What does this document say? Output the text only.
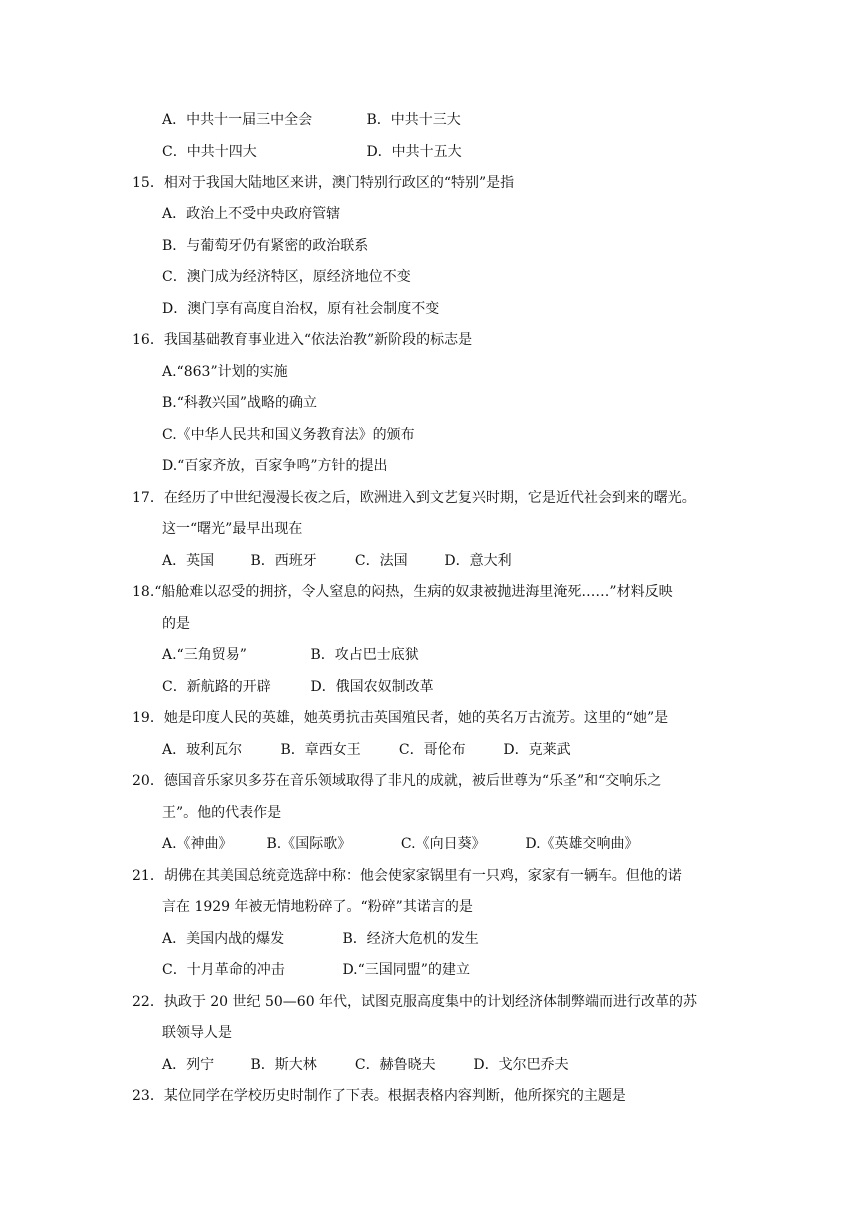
A．中共十一届三中全会	B．中共十三大
C．中共十四大	D．中共十五大
15．相对于我国大陆地区来讲，澳门特别行政区的“特别”是指
A．政治上不受中央政府管辖
B．与葡萄牙仍有紧密的政治联系
C．澳门成为经济特区，原经济地位不变
D．澳门享有高度自治权，原有社会制度不变
16．我国基础教育事业进入“依法治教”新阶段的标志是
A.“863”计划的实施
B.“科教兴国”战略的确立
C.《中华人民共和国义务教育法》的颁布
D.“百家齐放，百家争鸣”方针的提出
17．在经历了中世纪漫漫长夜之后，欧洲进入到文艺复兴时期，它是近代社会到来的曙光。
这一“曙光”最早出现在
A．英国	B．西班牙	C．法国	D．意大利
18.“船舱难以忍受的拥挤，令人窒息的闷热，生病的奴隶被抛进海里淹死……”材料反映
的是
A.“三角贸易”	B．攻占巴士底狱
C．新航路的开辟	D．俄国农奴制改革
19．她是印度人民的英雄，她英勇抗击英国殖民者，她的英名万古流芳。这里的“她”是
A．玻利瓦尔	B．章西女王	C．哥伦布	D．克莱武
20．德国音乐家贝多芬在音乐领域取得了非凡的成就，被后世尊为“乐圣”和“交响乐之
王”。他的代表作是
A.《神曲》 B.《国际歌》	C.《向日葵》	D.《英雄交响曲》
21．胡佛在其美国总统竞选辞中称：他会使家家锅里有一只鸡，家家有一辆车。但他的诺
言在 1929 年被无情地粉碎了。“粉碎”其诺言的是
A．美国内战的爆发	B．经济大危机的发生
C．十月革命的冲击	D.“三国同盟”的建立
22．执政于 20 世纪 50—60 年代，试图克服高度集中的计划经济体制弊端而进行改革的苏
联领导人是
A．列宁	B．斯大林	C．赫鲁晓夫	D．戈尔巴乔夫
23．某位同学在学校历史时制作了下表。根据表格内容判断，他所探究的主题是
